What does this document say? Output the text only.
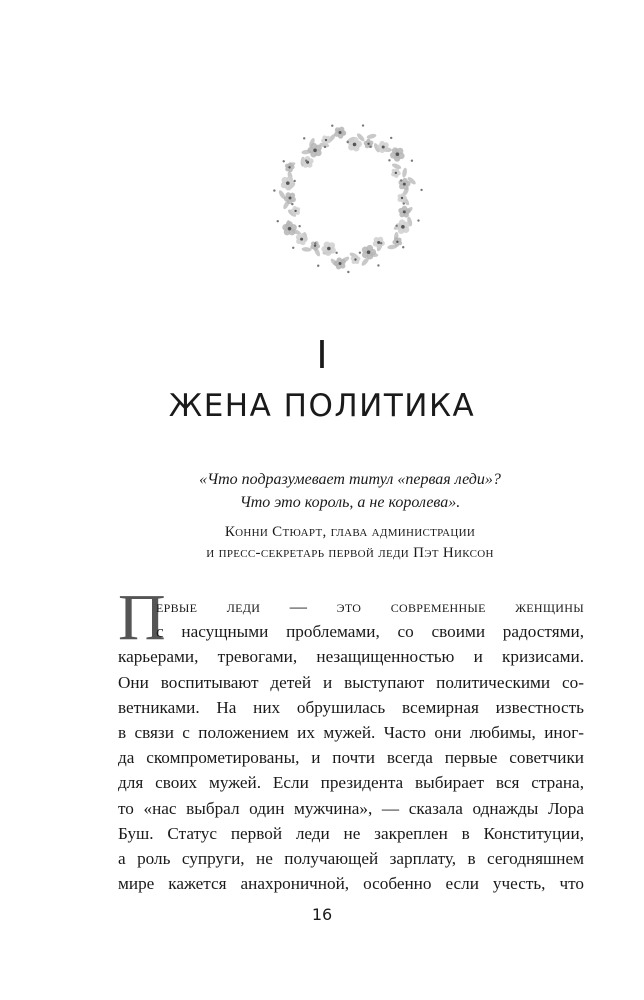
I
ЖЕНА ПОЛИТИКА
«Что подразумевает титул «первая леди»?
Что это король, а не королева».
Конни Стюарт, глава администрации
и пресс-секретарь первой леди Пэт Никсон
П
ервые леди — это современные женщины
с насущными проблемами, со своими радостями,
карьерами, тревогами, незащищенностью и кризисами.
Они воспитывают детей и выступают политическими со-
ветниками. На них обрушилась всемирная известность
в связи с положением их мужей. Часто они любимы, иног-
да скомпрометированы, и почти всегда первые советчики
для своих мужей. Если президента выбирает вся страна,
то «нас выбрал один мужчина», — сказала однажды Лора
Буш. Статус первой леди не закреплен в Конституции,
а роль супруги, не получающей зарплату, в сегодняшнем
мире кажется анахроничной, особенно если учесть, что
16
